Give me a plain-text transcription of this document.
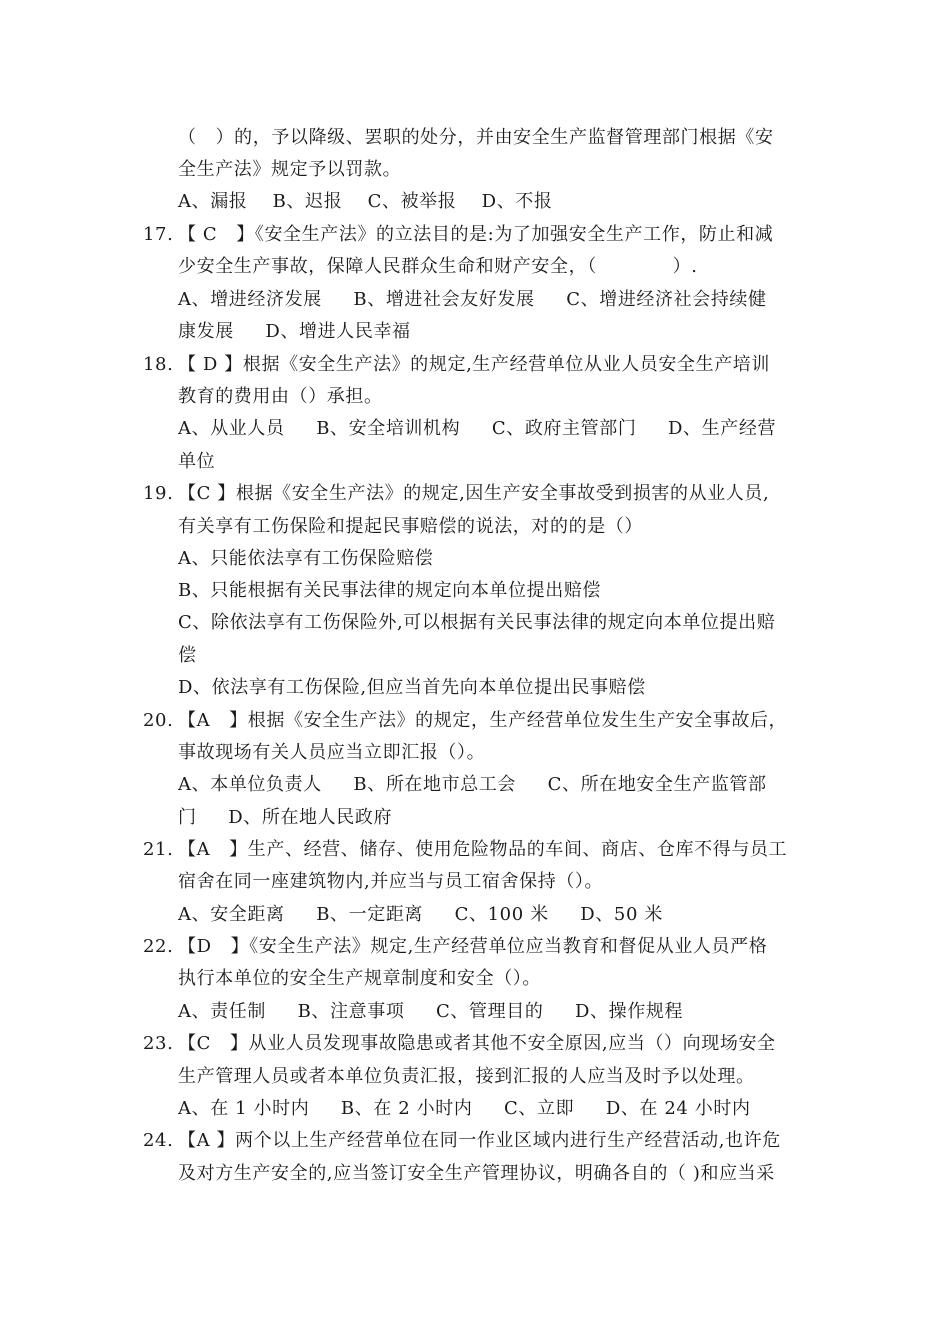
（   ）的，予以降级、罢职的处分，并由安全生产监督管理部门根据《安
全生产法》规定予以罚款。
A、漏报    B、迟报    C、被举报    D、不报
17. 【 C   】《安全生产法》的立法目的是:为了加强安全生产工作，防止和减
少安全生产事故，保障人民群众生命和财产安全，（            ）.
A、增进经济发展     B、增进社会友好发展     C、增进经济社会持续健
康发展     D、增进人民幸福
18. 【 D 】根据《安全生产法》的规定,生产经营单位从业人员安全生产培训
教育的费用由（）承担。
A、从业人员     B、安全培训机构     C、政府主管部门     D、生产经营
单位
19. 【C 】根据《安全生产法》的规定,因生产安全事故受到损害的从业人员,
有关享有工伤保险和提起民事赔偿的说法，对的的是（）
A、只能依法享有工伤保险赔偿
B、只能根据有关民事法律的规定向本单位提出赔偿
C、除依法享有工伤保险外,可以根据有关民事法律的规定向本单位提出赔
偿
D、依法享有工伤保险,但应当首先向本单位提出民事赔偿
20. 【A   】根据《安全生产法》的规定，生产经营单位发生生产安全事故后，
事故现场有关人员应当立即汇报（）。
A、本单位负责人     B、所在地市总工会     C、所在地安全生产监管部
门     D、所在地人民政府
21. 【A   】生产、经营、储存、使用危险物品的车间、商店、仓库不得与员工
宿舍在同一座建筑物内,并应当与员工宿舍保持（）。
A、安全距离     B、一定距离     C、100 米     D、50 米
22. 【D   】《安全生产法》规定,生产经营单位应当教育和督促从业人员严格
执行本单位的安全生产规章制度和安全（）。
A、责任制     B、注意事项     C、管理目的     D、操作规程
23. 【C   】从业人员发现事故隐患或者其他不安全原因,应当（）向现场安全
生产管理人员或者本单位负责汇报，接到汇报的人应当及时予以处理。
A、在 1 小时内     B、在 2 小时内     C、立即     D、在 24 小时内
24. 【A 】两个以上生产经营单位在同一作业区域内进行生产经营活动,也许危
及对方生产安全的,应当签订安全生产管理协议，明确各自的（ )和应当采
